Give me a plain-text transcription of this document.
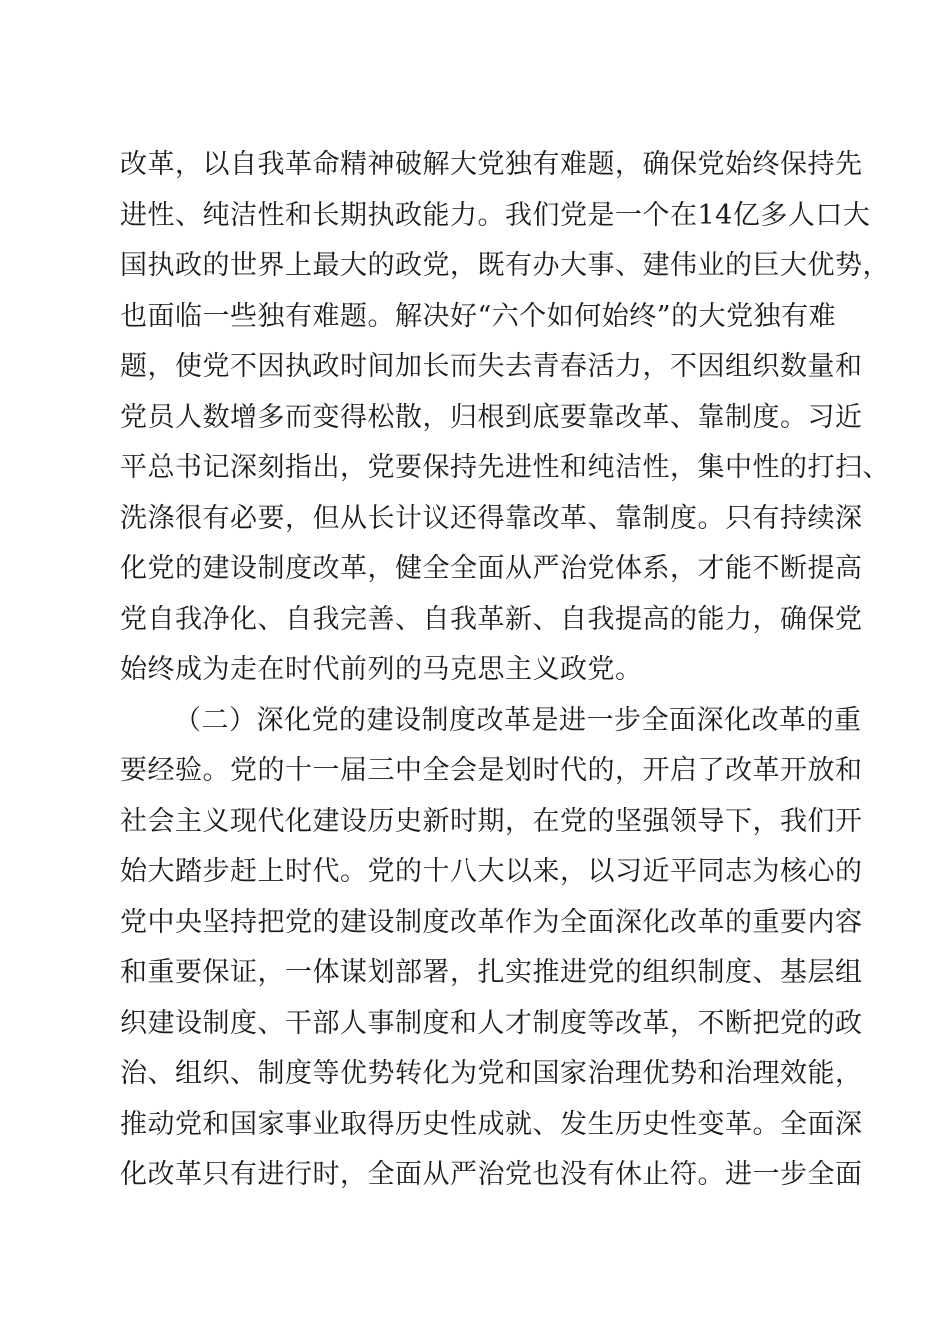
改革，以自我革命精神破解大党独有难题，确保党始终保持先
进性、纯洁性和长期执政能力。我们党是一个在14亿多人口大
国执政的世界上最大的政党，既有办大事、建伟业的巨大优势，
也面临一些独有难题。解决好“六个如何始终”的大党独有难
题，使党不因执政时间加长而失去青春活力，不因组织数量和
党员人数增多而变得松散，归根到底要靠改革、靠制度。习近
平总书记深刻指出，党要保持先进性和纯洁性，集中性的打扫、
洗涤很有必要，但从长计议还得靠改革、靠制度。只有持续深
化党的建设制度改革，健全全面从严治党体系，才能不断提高
党自我净化、自我完善、自我革新、自我提高的能力，确保党
始终成为走在时代前列的马克思主义政党。
（二）深化党的建设制度改革是进一步全面深化改革的重
要经验。党的十一届三中全会是划时代的，开启了改革开放和
社会主义现代化建设历史新时期，在党的坚强领导下，我们开
始大踏步赶上时代。党的十八大以来，以习近平同志为核心的
党中央坚持把党的建设制度改革作为全面深化改革的重要内容
和重要保证，一体谋划部署，扎实推进党的组织制度、基层组
织建设制度、干部人事制度和人才制度等改革，不断把党的政
治、组织、制度等优势转化为党和国家治理优势和治理效能，
推动党和国家事业取得历史性成就、发生历史性变革。全面深
化改革只有进行时，全面从严治党也没有休止符。进一步全面
